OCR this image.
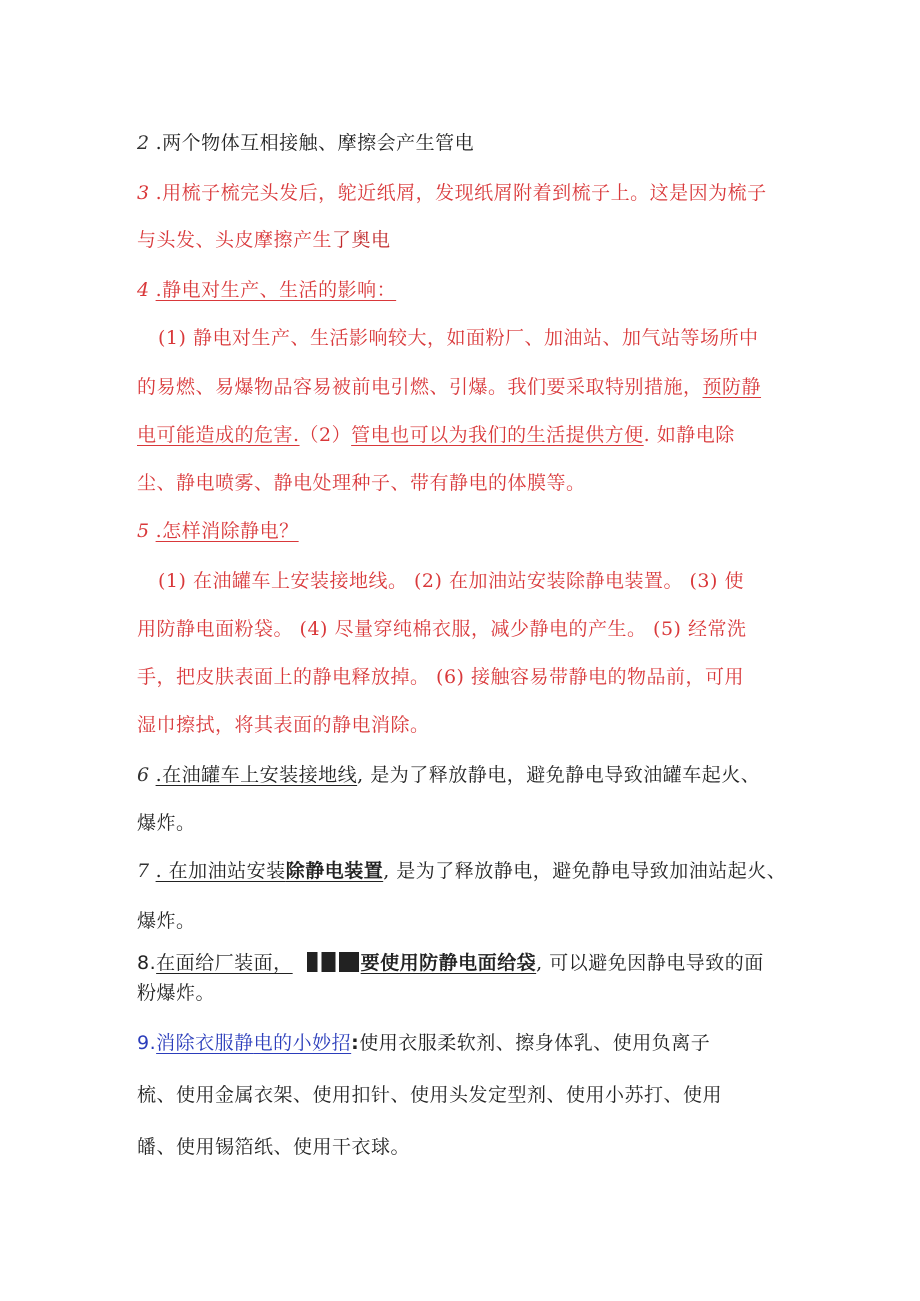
2 .两个物体互相接触、摩擦会产生管电
3 .用梳子梳完头发后，鸵近纸屑，发现纸屑附着到梳子上。这是因为梳子
与头发、头皮摩擦产生了奥电
4 .静电对生产、生活的影响：
(1) 静电对生产、生活影响较大，如面粉厂、加油站、加气站等场所中
的易燃、易爆物品容易被前电引燃、引爆。我们要采取特别措施，预防静
电可能造成的危害.（2）管电也可以为我们的生活提供方便. 如静电除
尘、静电喷雾、静电处理种子、带有静电的体膜等。
5 .怎样消除静电？
(1) 在油罐车上安装接地线。 (2) 在加油站安装除静电装置。 (3) 使
用防静电面粉袋。 (4) 尽量穿纯棉衣服，减少静电的产生。 (5) 经常洗
手，把皮肤表面上的静电释放掉。 (6) 接触容易带静电的物品前，可用
湿巾擦拭，将其表面的静电消除。
6 .在油罐车上安装接地线, 是为了释放静电，避免静电导致油罐车起火、
爆炸。
7 . 在加油站安装除静电装置, 是为了释放静电，避免静电导致加油站起火、
爆炸。
8.在面给厂装面，	要使用防静电面给袋, 可以避免因静电导致的面
粉爆炸。
9.消除衣服静电的小妙招:使用衣服柔软剂、擦身体乳、使用负离子
梳、使用金属衣架、使用扣针、使用头发定型剂、使用小苏打、使用
皤、使用锡箔纸、使用干衣球。
